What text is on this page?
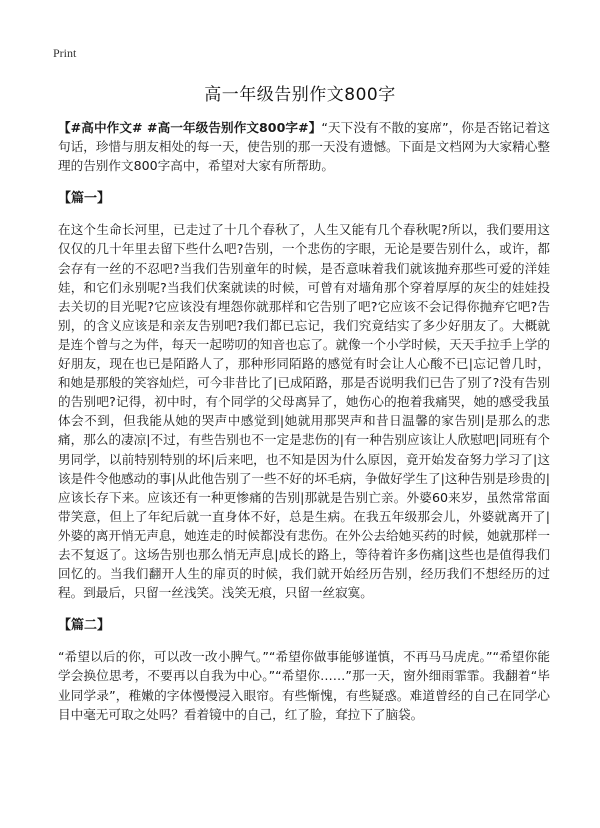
Print
高一年级告别作文800字

【#高中作文# #高一年级告别作文800字#】“天下没有不散的宴席”，你是否铭记着这句话，珍惜与朋友相处的每一天，使告别的那一天没有遗憾。下面是文档网为大家精心整理的告别作文800字高中，希望对大家有所帮助。

【篇一】

在这个生命长河里，已走过了十几个春秋了，人生又能有几个春秋呢?所以，我们要用这仅仅的几十年里去留下些什么吧?告别，一个悲伤的字眼，无论是要告别什么，或许，都会存有一丝的不忍吧?当我们告别童年的时候，是否意味着我们就该抛弃那些可爱的洋娃娃，和它们永别呢?当我们伏案就读的时候，可曾有对墙角那个穿着厚厚的灰尘的娃娃投去关切的目光呢?它应该没有埋怨你就那样和它告别了吧?它应该不会记得你抛弃它吧?告别，的含义应该是和亲友告别吧?我们都已忘记，我们究竟结实了多少好朋友了。大概就是连个曾与之为伴，每天一起唠叨的知音也忘了。就像一个小学时候，天天手拉手上学的好朋友，现在也已是陌路人了，那种形同陌路的感觉有时会让人心酸不已|忘记曾几时，和她是那般的笑容灿烂，可今非昔比了|已成陌路，那是否说明我们已告了别了?没有告别的告别吧?记得，初中时，有个同学的父母离异了，她伤心的抱着我痛哭，她的感受我虽体会不到，但我能从她的哭声中感觉到|她就用那哭声和昔日温馨的家告别|是那么的悲痛，那么的凄凉|不过，有些告别也不一定是悲伤的|有一种告别应该让人欣慰吧|同班有个男同学，以前特别特别的坏|后来吧，也不知是因为什么原因，竟开始发奋努力学习了|这该是件令他感动的事|从此他告别了一些不好的坏毛病，争做好学生了|这种告别是珍贵的|应该长存下来。应该还有一种更惨痛的告别|那就是告别亡亲。外婆60来岁，虽然常常面带笑意，但上了年纪后就一直身体不好，总是生病。在我五年级那会儿，外婆就离开了|外婆的离开悄无声息，她连走的时候都没有悲伤。在外公去给她买药的时候，她就那样一去不复返了。这场告别也那么悄无声息|成长的路上，等待着许多伤痛|这些也是值得我们回忆的。当我们翻开人生的扉页的时候，我们就开始经历告别，经历我们不想经历的过程。到最后，只留一丝浅笑。浅笑无痕，只留一丝寂寞。

【篇二】

“希望以后的你，可以改一改小脾气。”“希望你做事能够谨慎，不再马马虎虎。”“希望你能学会换位思考，不要再以自我为中心。”“希望你……”那一天，窗外细雨霏霏。我翻着“毕业同学录”，稚嫩的字体慢慢浸入眼帘。有些惭愧，有些疑惑。难道曾经的自己在同学心目中毫无可取之处吗？看着镜中的自己，红了脸，耷拉下了脑袋。
